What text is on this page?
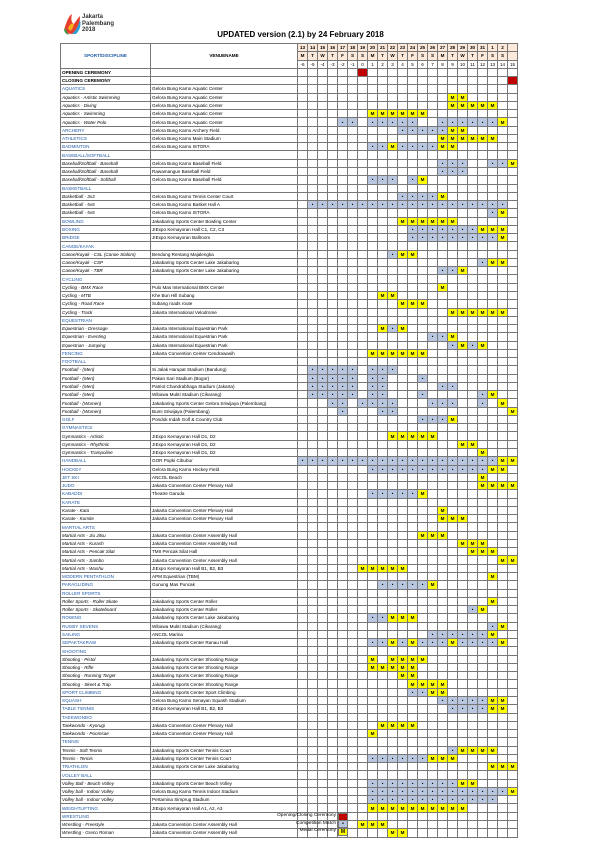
Jakarta
Palembang
2018	UPDATED version (2.1) by 24 February 2018
SPORT/DISCIPLINE	VENUENAME	13	14	15	16	17	18	19	20	21	22	23	24	25	26	27	28	29	30	31	1	2	
		M	T	W	T	F	S	S	M	T	W	T	F	S	S	M	T	W	T	F	S	S	
		-6	-5	-4	-3	-2	-1	0	1	2	3	4	5	6	7	8	9	10	11	12	13	14	15
OPENING CEREMONY																							
CLOSING CEREMONY																							
AQUATICS	Gelora Bung Karno Aquatic Center																						
Aquatics - Artistic Swimming	Gelora Bung Karno Aquatic Center																M	M					
Aquatics - Diving	Gelora Bung Karno Aquatic Center																M	M	M	M	M		
Aquatics - Swimming	Gelora Bung Karno Aquatic Center								M	M	M	M	M	M									
Aquatics - Water Polo	Gelora Bung Karno Aquatic Center					•	•		•	•	•	•	•			•	•	•	•	•	•	M	
ARCHERY	Gelora Bung Karno Archery Field											•	•	•	•	•	M	M					
ATHLETICS	Gelora Bung Karno Main Stadium															M	M	M	M	M	M		
BADMINTON	Gelora Bung Karno ISTORA								•	•	M	•	•	•	•	M	M						
BASEBALL/SOFTBALL																							
Baseball/Softball - Baseball	Gelora Bung Karno Baseball Field															•	•	•			•	•	M
Baseball/Softball - Baseball	Rawamangun Baseball Field															•	•	•					
Baseball/Softball - Softball	Gelora Bung Karno Baseball Field								•	•	•		•	M									
BASKETBALL																							
Basketball - 3x3	Gelora Bung Karno Tennis Center Court											•	•	•	•	M							
Basketball - 5x5	Gelora Bung Karno Basket Hall A		•	•	•	•	•	•	•	•	•	•	•	•	•	•	•	•	•	•	•	•	
Basketball - 5x5	Gelora Bung Karno ISTORA																				•	M	
BOWLING	Jakabaring Sports Center Bowling Center											M	M	M	M	M	M						
BOXING	JIExpo Kemayoran Hall C1, C2, C3												•	•	•	•	•	•	•	M	M	M	
BRIDGE	JIExpo Kemayoran Ballroom												•	•	•	•	•	•	•	•	•	M	
CANOE/KAYAK																							
Canoe/Kayak - CSL (Canoe Slalom)	Bendung Rentang Majalengka										•	M	M										
Canoe/Kayak - CSP	Jakabaring Sports Center Lake Jakabaring																			•	M	M	
Canoe/Kayak - TBR	Jakabaring Sports Center Lake Jakabaring															•	•	M					
CYCLING																							
Cycling - BMX Race	Pulo Mas International BMX Center															M							
Cycling - MTB	Khe Bun Hill Subang									M	M												
Cycling - Road Race	Subang roads route											M	M	M									
Cycling - Track	Jakarta International Velodrome																M	M	M	M	M	M	
EQUESTRIAN																							
Equestrian - Dressage	Jakarta International Equestrian Park									M	•	M											
Equestrian - Eventing	Jakarta International Equestrian Park														•	•	M						
Equestrian - Jumping	Jakarta International Equestrian Park																•	M	•	M			
FENCING	Jakarta Convention Center Cendrawasih								M	M	M	M	M	M									
FOOTBALL																							
Football - (Men)	Si Jalak Harupat Stadium (Bandung)		•	•	•	•	•		•	•	•												
Football - (Men)	Pakan Sari Stadium (Bogor)		•	•	•	•	•		•	•				•									
Football - (Men)	Patriot Chandrabhaga Stadium (Jakarta)		•	•	•	•	•		•	•						•	•						
Football - (Men)	Wibawa Mukti Stadium (Cikarang)		•	•	•	•	•		•	•				•						•	M		
Football - (Women)	Jakabaring Sports Center Gelora Sriwijaya (Palembang)				•	•		•	•	•	•				•	•	•			•		M	
Football - (Women)	Bumi Sriwijaya (Palembang)					•				•	•												M
GOLF	Pondok Indah Golf & Country Club													•	•	•	M						
GYMNASTICS																							
Gymnastics - Artistic	JIExpo Kemayoran Hall D1, D2										M	M	M	M	M								
Gymnastics - Rhythmic	JIExpo Kemayoran Hall D1, D2																	M	M				
Gymnastics - Trampoline	JIExpo Kemayoran Hall D1, D2																			M			
HANDBALL	GOR Popki Cibubur	•	•	•	•	•	•	•	•	•	•	•	•	•	•	•	•	•	•	•	•	M	M
HOCKEY	Gelora Bung Karno Hockey Field								•	•	•	•	•	•	•	•	•	•	•	•	M	M	
JET SKI	ANCOL Beach																			M			
JUDO	Jakarta Convention Center Plenary Hall																			M	M	M	M
KABADDI	Theatre Garuda								•	•	•	•	•	M									
KARATE																							
Karate - Kata	Jakarta Convention Center Plenary Hall															M							
Karate - Kumite	Jakarta Convention Center Plenary Hall															M	M	M					
MARTIAL ARTS																							
Martial Arts - Jiu Jitsu	Jakarta Convention Center Assembly Hall													M	M	M							
Martial Arts - Kurash	Jakarta Convention Center Assembly Hall																	M	M	M			
Martial Arts - Pencak Silat	TMII Pencak Silat Hall																		M	M	M		
Martial Arts - Sambo	Jakarta Convention Center Assembly Hall																					M	M
Martial Arts - Wushu	JIExpo Kemayoran Hall B1, B2, B3							M	M	M	M	M											
MODERN PENTATHLON	APM Equestrian (TBM)																				M		
PARAGLIDING	Gunung Mas Puncak									•	•	•	•	•	M								
ROLLER SPORTS																							
Roller Sports - Roller Skate	Jakabaring Sports Center Roller																				M		
Roller Sports - Skateboard	Jakabaring Sports Center Roller																		•	M			
ROWING	Jakabaring Sports Center Lake Jakabaring								•	•	M	M	M										
RUGBY SEVENS	Wibawa Mukti Stadium (Cikarang)																				•	M	
SAILING	ANCOL Marina														•	•	•	•	•	•	M		
SEPAKTAKRAW	Jakabaring Sports Center Ranau Hall								•	•	M	•	M	•	•	•	M	•	•	•	•	M	
SHOOTING																							
Shooting - Pistol	Jakabaring Sports Center Shooting Range								M		M	M	M	M									
Shooting - Rifle	Jakabaring Sports Center Shooting Range								M	M	M	M	M										
Shooting - Running Target	Jakabaring Sports Center Shooting Range											M	M										
Shooting - Skeet & Trap	Jakabaring Sports Center Shooting Range												M	M	M	M							
SPORT CLIMBING	Jakabaring Sports Center Sport Climbing												•	•	M	M							
SQUASH	Gelora Bung Karno Senayan Squash Stadium															•	•	•	•	•	M	M	
TABLE TENNIS	JIExpo Kemayoran Hall B1, B2, B3																•	•	•	•	M	M	
TAEKWONDO																							
Taekwondo - Kyorugi	Jakarta Convention Center Plenary Hall									M	M	M	M										
Taekwondo - Poomsae	Jakarta Convention Center Plenary Hall								M														
TENNIS																							
Tennis - Soft Tennis	Jakabaring Sports Center Tennis Court																•	M	M	M	M		
Tennis - Tennis	Jakabaring Sports Center Tennis Court								•	•	•	•	•	•	M	M	M						
TRIATHLON	Jakabaring Sports Center Lake Jakabaring																				M	M	M
VOLLEY BALL																							
Volley Ball - Beach Volley	Jakabaring Sports Center Beach Volley								•	•	•	•	•	•	•	•	•	M	M				
Volley ball - Indoor Volley	Gelora Bung Karno Tennis Indoor Stadium								•	•	•	•	•	•	•	•	•	•	•	•	•	•	M
Volley ball - Indoor Volley	Pertamina Simprug Stadium								•	•	•	•	•	•	•	•	•	•	•	•	•		
WEIGHTLIFTING	JIExpo Kemayoran Hall A1, A2, A3								M	M	M	M	M	M	M	M	M	M					
WRESTLING																							
Wrestling - Freestyle	Jakarta Convention Center Assembly Hall							M	M	M													
Wrestling - Greco Roman	Jakarta Convention Center Assembly Hall										M	M											
Opening/Closing Ceremony
Competition Match	•
Medal Ceremony M
